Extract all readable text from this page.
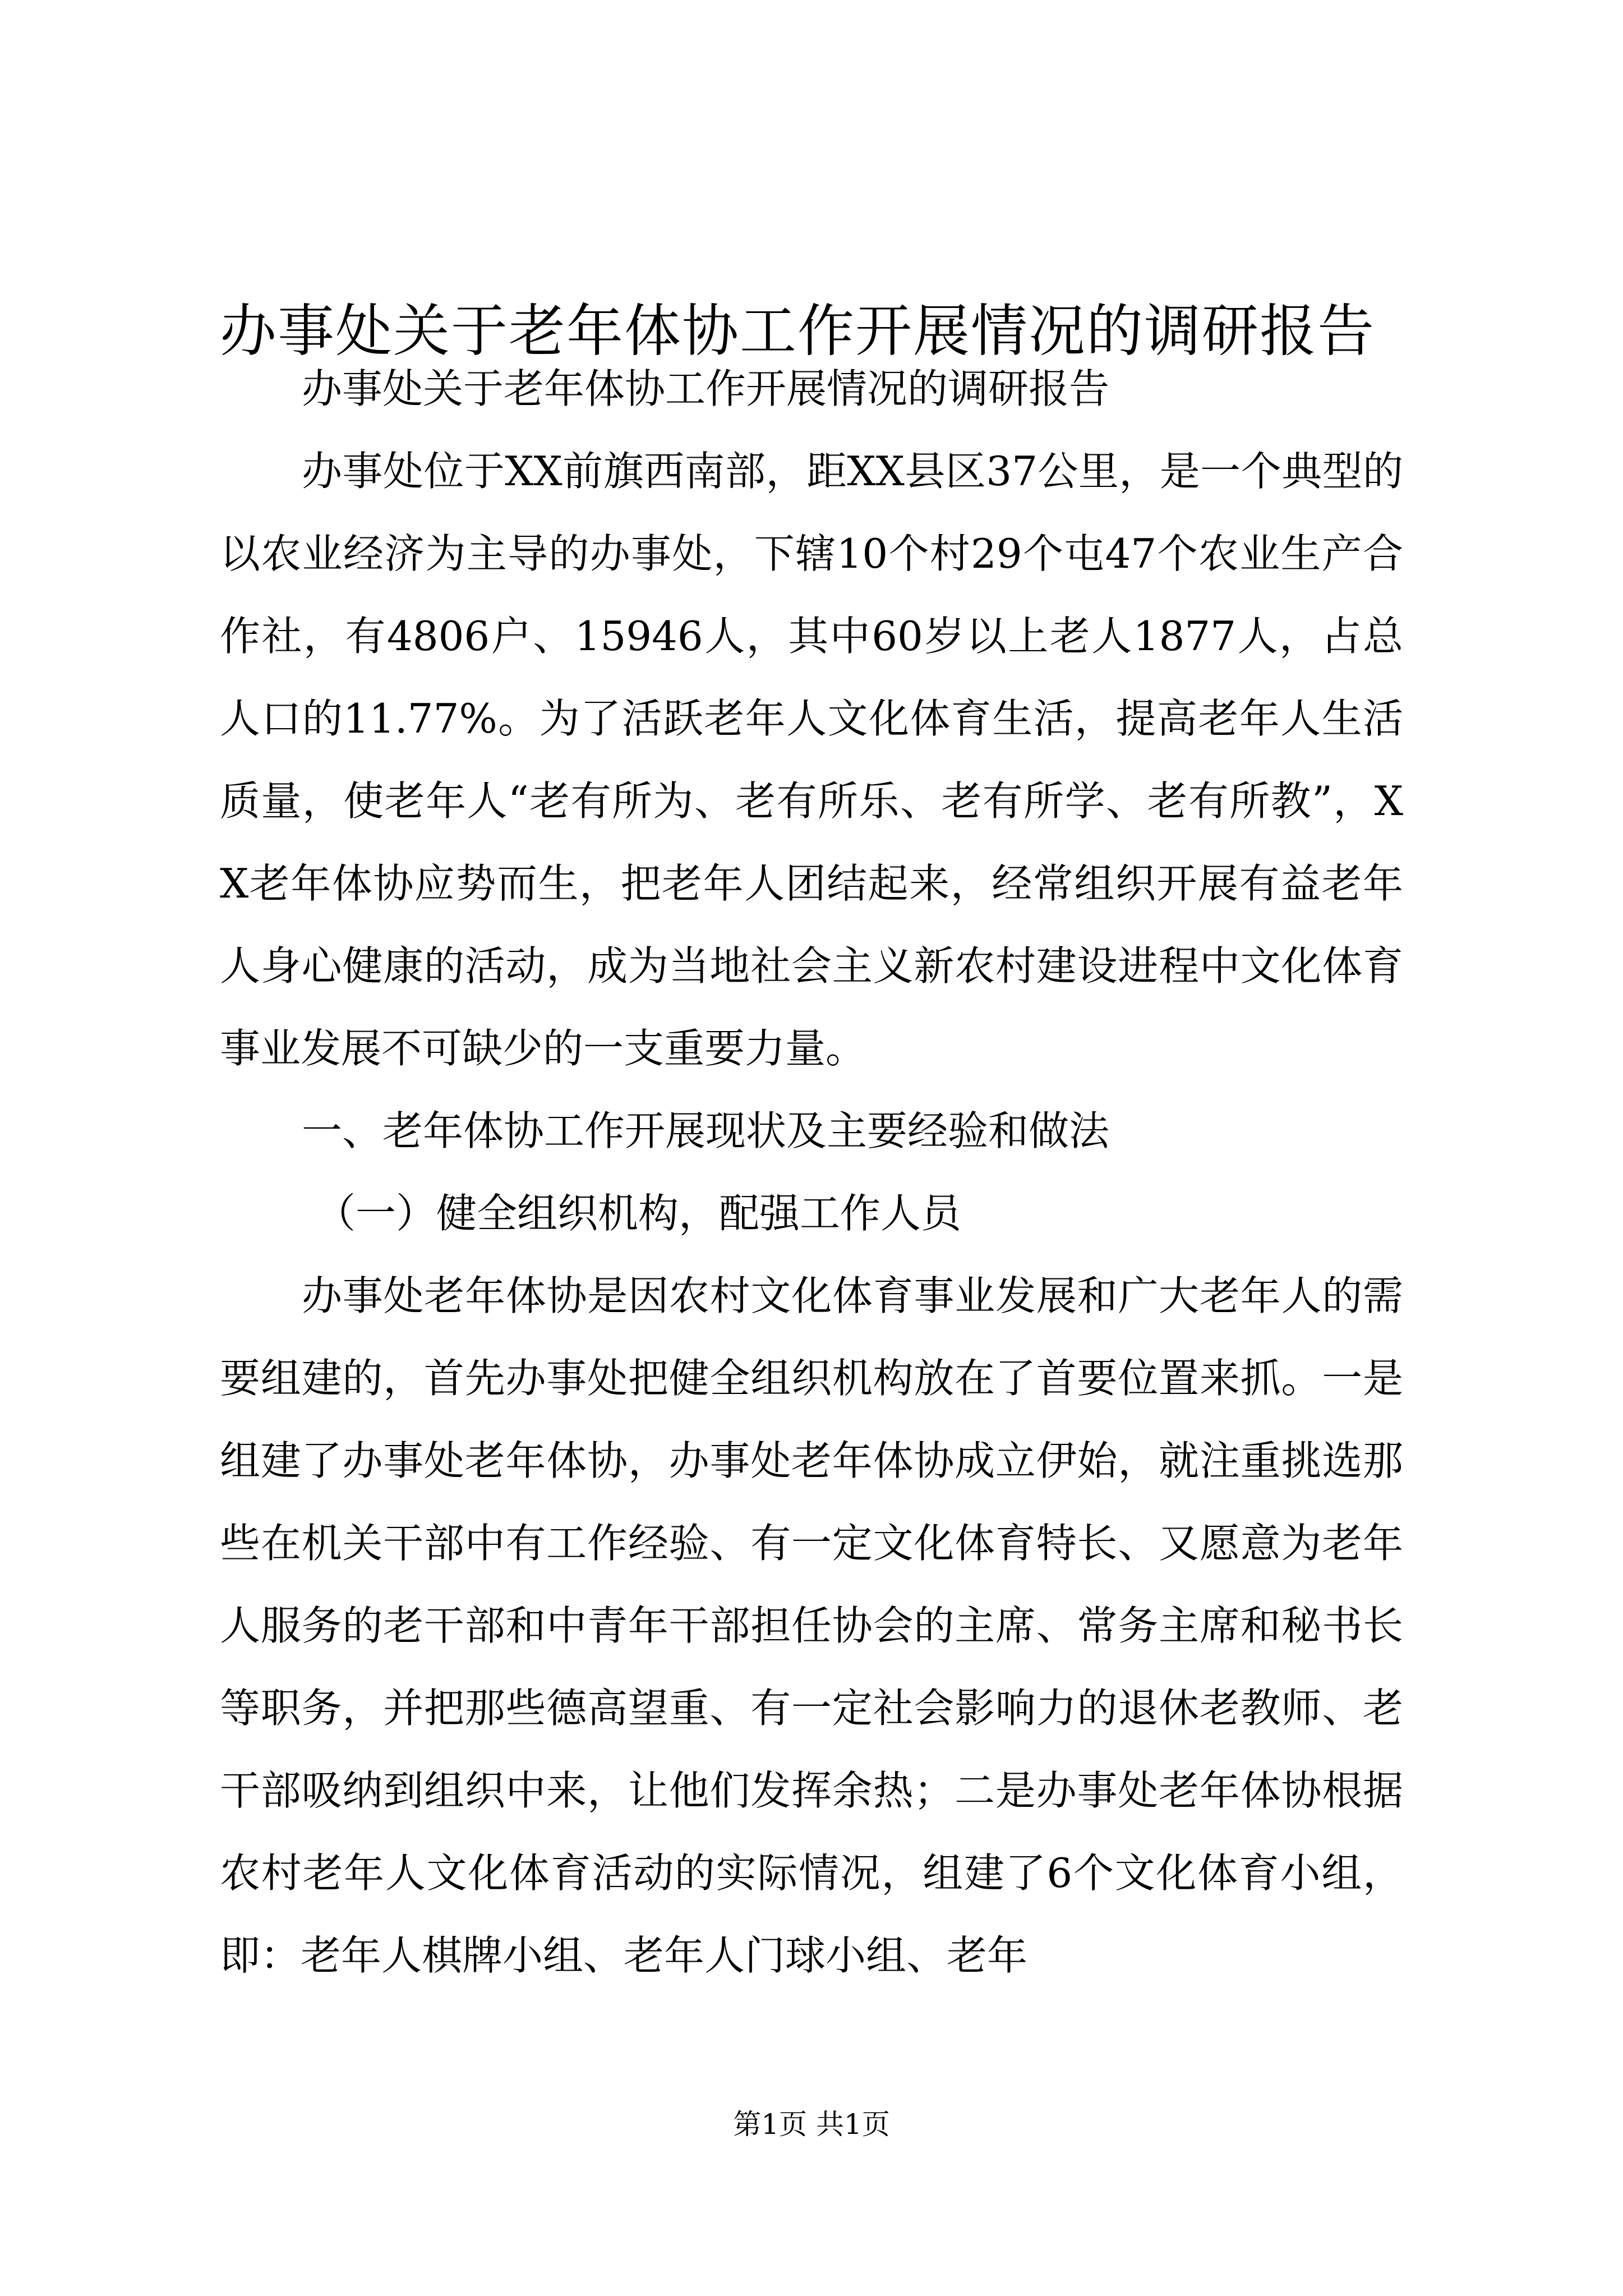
办事处关于老年体协工作开展情况的调研报告

办事处关于老年体协工作开展情况的调研报告

办事处位于XX前旗西南部，距XX县区37公里，是一个典型的以农业经济为主导的办事处，下辖10个村29个屯47个农业生产合作社，有4806户、15946人，其中60岁以上老人1877人，占总人口的11.77%。为了活跃老年人文化体育生活，提高老年人生活质量，使老年人“老有所为、老有所乐、老有所学、老有所教”，XX老年体协应势而生，把老年人团结起来，经常组织开展有益老年人身心健康的活动，成为当地社会主义新农村建设进程中文化体育事业发展不可缺少的一支重要力量。

一、老年体协工作开展现状及主要经验和做法

（一）健全组织机构，配强工作人员

办事处老年体协是因农村文化体育事业发展和广大老年人的需要组建的，首先办事处把健全组织机构放在了首要位置来抓。一是组建了办事处老年体协，办事处老年体协成立伊始，就注重挑选那些在机关干部中有工作经验、有一定文化体育特长、又愿意为老年人服务的老干部和中青年干部担任协会的主席、常务主席和秘书长等职务，并把那些德高望重、有一定社会影响力的退休老教师、老干部吸纳到组织中来，让他们发挥余热；二是办事处老年体协根据农村老年人文化体育活动的实际情况，组建了6个文化体育小组，即：老年人棋牌小组、老年人门球小组、老年

第1页 共1页
